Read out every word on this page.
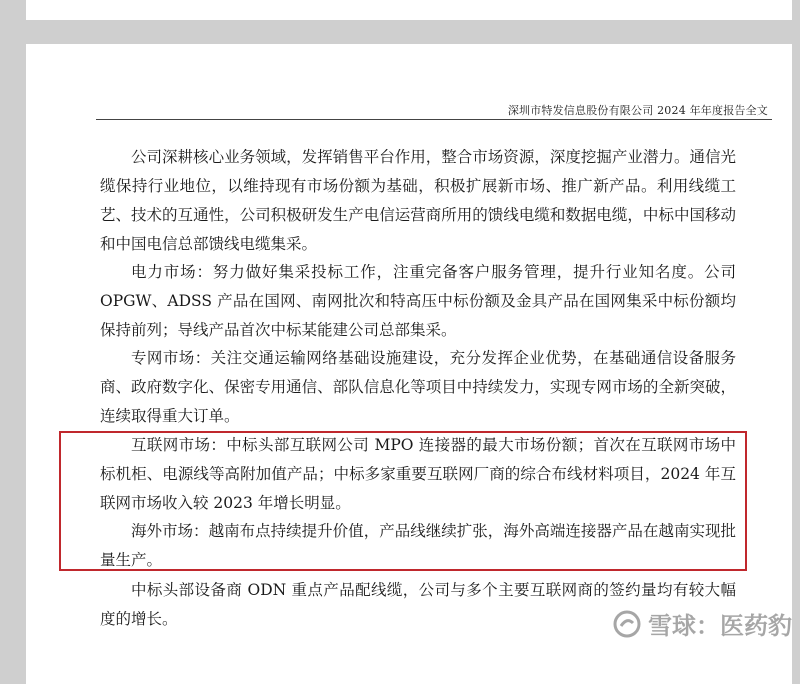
深圳市特发信息股份有限公司 2024 年年度报告全文

公司深耕核心业务领域，发挥销售平台作用，整合市场资源，深度挖掘产业潜力。通信光缆保持行业地位，以维持现有市场份额为基础，积极扩展新市场、推广新产品。利用线缆工艺、技术的互通性，公司积极研发生产电信运营商所用的馈线电缆和数据电缆，中标中国移动和中国电信总部馈线电缆集采。

电力市场：努力做好集采投标工作，注重完备客户服务管理，提升行业知名度。公司 OPGW、ADSS 产品在国网、南网批次和特高压中标份额及金具产品在国网集采中标份额均保持前列；导线产品首次中标某能建公司总部集采。

专网市场：关注交通运输网络基础设施建设，充分发挥企业优势，在基础通信设备服务商、政府数字化、保密专用通信、部队信息化等项目中持续发力，实现专网市场的全新突破，连续取得重大订单。

互联网市场：中标头部互联网公司 MPO 连接器的最大市场份额；首次在互联网市场中标机柜、电源线等高附加值产品；中标多家重要互联网厂商的综合布线材料项目，2024 年互联网市场收入较 2023 年增长明显。

海外市场：越南布点持续提升价值，产品线继续扩张，海外高端连接器产品在越南实现批量生产。

中标头部设备商 ODN 重点产品配线缆，公司与多个主要互联网商的签约量均有较大幅度的增长。	雪球：医药豹
